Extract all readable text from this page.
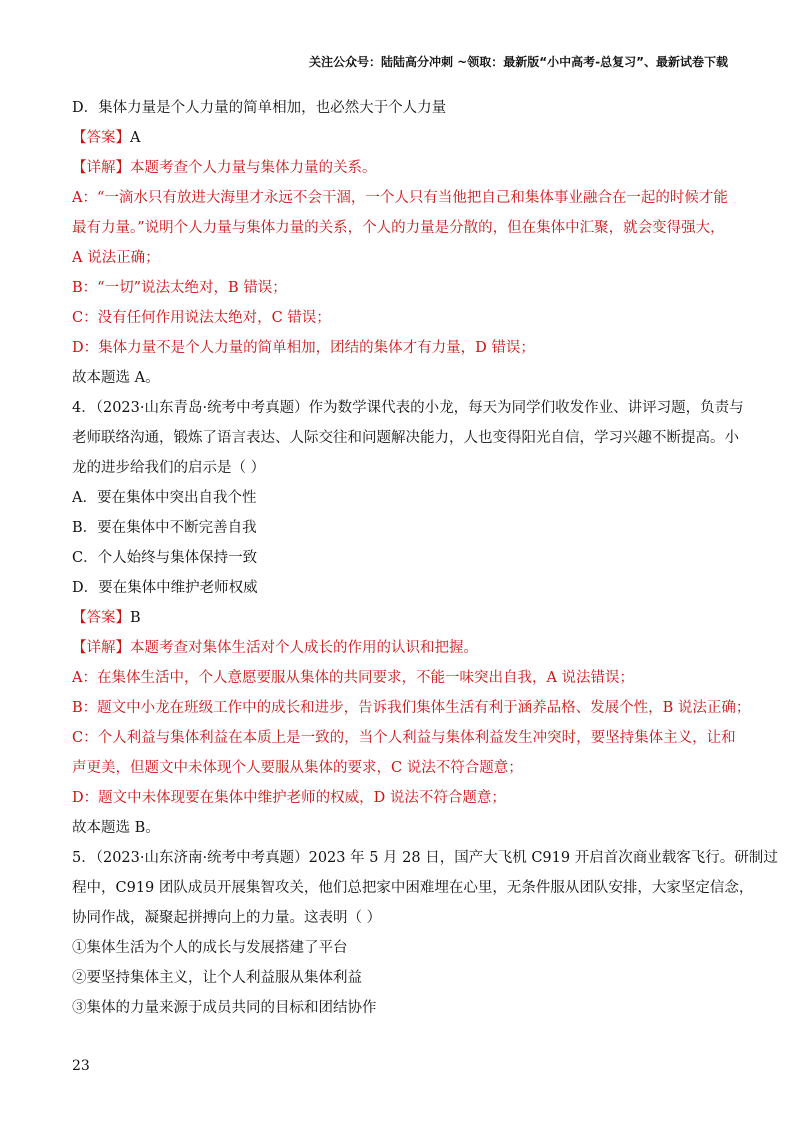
关注公众号：陆陆高分冲刺 ~领取：最新版“小中高考-总复习”、最新试卷下载
D．集体力量是个人力量的简单相加，也必然大于个人力量
【答案】A
【详解】本题考查个人力量与集体力量的关系。
A：“一滴水只有放进大海里才永远不会干涸，一个人只有当他把自己和集体事业融合在一起的时候才能
最有力量。”说明个人力量与集体力量的关系，个人的力量是分散的，但在集体中汇聚，就会变得强大，
A 说法正确；
B：“一切”说法太绝对，B 错误；
C：没有任何作用说法太绝对，C 错误；
D：集体力量不是个人力量的简单相加，团结的集体才有力量，D 错误；
故本题选 A。
4．（2023·山东青岛·统考中考真题）作为数学课代表的小龙，每天为同学们收发作业、讲评习题，负责与
老师联络沟通，锻炼了语言表达、人际交往和问题解决能力，人也变得阳光自信，学习兴趣不断提高。小
龙的进步给我们的启示是（ ）
A．要在集体中突出自我个性
B．要在集体中不断完善自我
C．个人始终与集体保持一致
D．要在集体中维护老师权威
【答案】B
【详解】本题考查对集体生活对个人成长的作用的认识和把握。
A：在集体生活中，个人意愿要服从集体的共同要求，不能一味突出自我，A 说法错误；
B：题文中小龙在班级工作中的成长和进步，告诉我们集体生活有利于涵养品格、发展个性，B 说法正确；
C：个人利益与集体利益在本质上是一致的，当个人利益与集体利益发生冲突时，要坚持集体主义，让和
声更美，但题文中未体现个人要服从集体的要求，C 说法不符合题意；
D：题文中未体现要在集体中维护老师的权威，D 说法不符合题意；
故本题选 B。
5．（2023·山东济南·统考中考真题）2023 年 5 月 28 日，国产大飞机 C919 开启首次商业载客飞行。研制过
程中，C919 团队成员开展集智攻关，他们总把家中困难埋在心里，无条件服从团队安排，大家坚定信念，
协同作战，凝聚起拼搏向上的力量。这表明（ ）
①集体生活为个人的成长与发展搭建了平台
②要坚持集体主义，让个人利益服从集体利益
③集体的力量来源于成员共同的目标和团结协作
23
